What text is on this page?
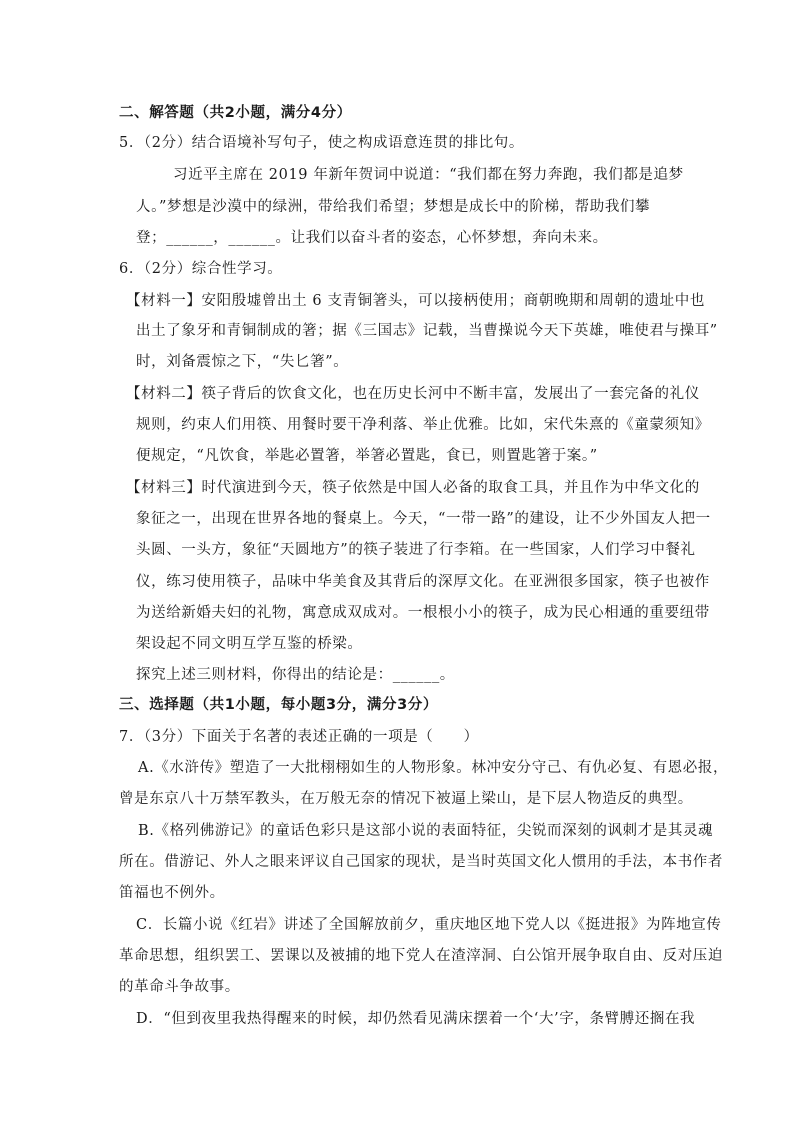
二、解答题（共2小题，满分4分）
5．（2分）结合语境补写句子，使之构成语意连贯的排比句。
习近平主席在 2019 年新年贺词中说道：“我们都在努力奔跑，我们都是追梦
人。”梦想是沙漠中的绿洲，带给我们希望；梦想是成长中的阶梯，帮助我们攀
登；______，______。让我们以奋斗者的姿态，心怀梦想，奔向未来。
6．（2分）综合性学习。
【材料一】安阳殷墟曾出土 6 支青铜箸头，可以接柄使用；商朝晚期和周朝的遗址中也
出土了象牙和青铜制成的箸；据《三国志》记载，当曹操说今天下英雄，唯使君与操耳”
时，刘备震惊之下，“失匕箸”。
【材料二】筷子背后的饮食文化，也在历史长河中不断丰富，发展出了一套完备的礼仪
规则，约束人们用筷、用餐时要干净利落、举止优雅。比如，宋代朱熹的《童蒙须知》
便规定，“凡饮食，举匙必置箸，举箸必置匙，食已，则置匙箸于案。”
【材料三】时代演进到今天，筷子依然是中国人必备的取食工具，并且作为中华文化的
象征之一，出现在世界各地的餐桌上。今天，“一带一路”的建设，让不少外国友人把一
头圆、一头方，象征“天圆地方”的筷子装进了行李箱。在一些国家，人们学习中餐礼
仪，练习使用筷子，品味中华美食及其背后的深厚文化。在亚洲很多国家，筷子也被作
为送给新婚夫妇的礼物，寓意成双成对。一根根小小的筷子，成为民心相通的重要纽带
架设起不同文明互学互鉴的桥梁。
探究上述三则材料，你得出的结论是：______。
三、选择题（共1小题，每小题3分，满分3分）
7．（3分）下面关于名著的表述正确的一项是（　　）
A.《水浒传》塑造了一大批栩栩如生的人物形象。林冲安分守己、有仇必复、有恩必报，
曾是东京八十万禁军教头，在万般无奈的情况下被逼上梁山，是下层人物造反的典型。
B.《格列佛游记》的童话色彩只是这部小说的表面特征，尖锐而深刻的讽刺才是其灵魂
所在。借游记、外人之眼来评议自己国家的现状，是当时英国文化人惯用的手法，本书作者
笛福也不例外。
C．长篇小说《红岩》讲述了全国解放前夕，重庆地区地下党人以《挺进报》为阵地宣传
革命思想，组织罢工、罢课以及被捕的地下党人在渣滓洞、白公馆开展争取自由、反对压迫
的革命斗争故事。
D．“但到夜里我热得醒来的时候，却仍然看见满床摆着一个‘大’字，条臂膊还搁在我
